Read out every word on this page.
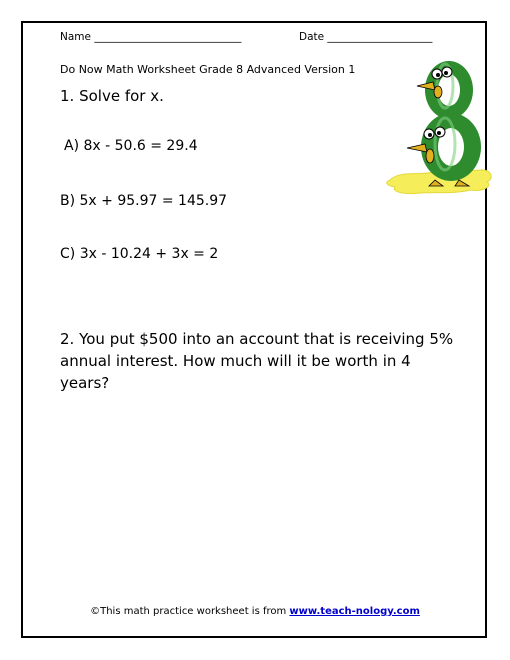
Name ____________________________	Date ____________________
Do Now Math Worksheet Grade 8 Advanced Version 1
1. Solve for x.
A) 8x - 50.6 = 29.4
B) 5x + 95.97 = 145.97
C) 3x - 10.24 + 3x = 2
2. You put $500 into an account that is receiving 5% annual interest. How much will it be worth in 4 years?
©This math practice worksheet is from www.teach-nology.com
